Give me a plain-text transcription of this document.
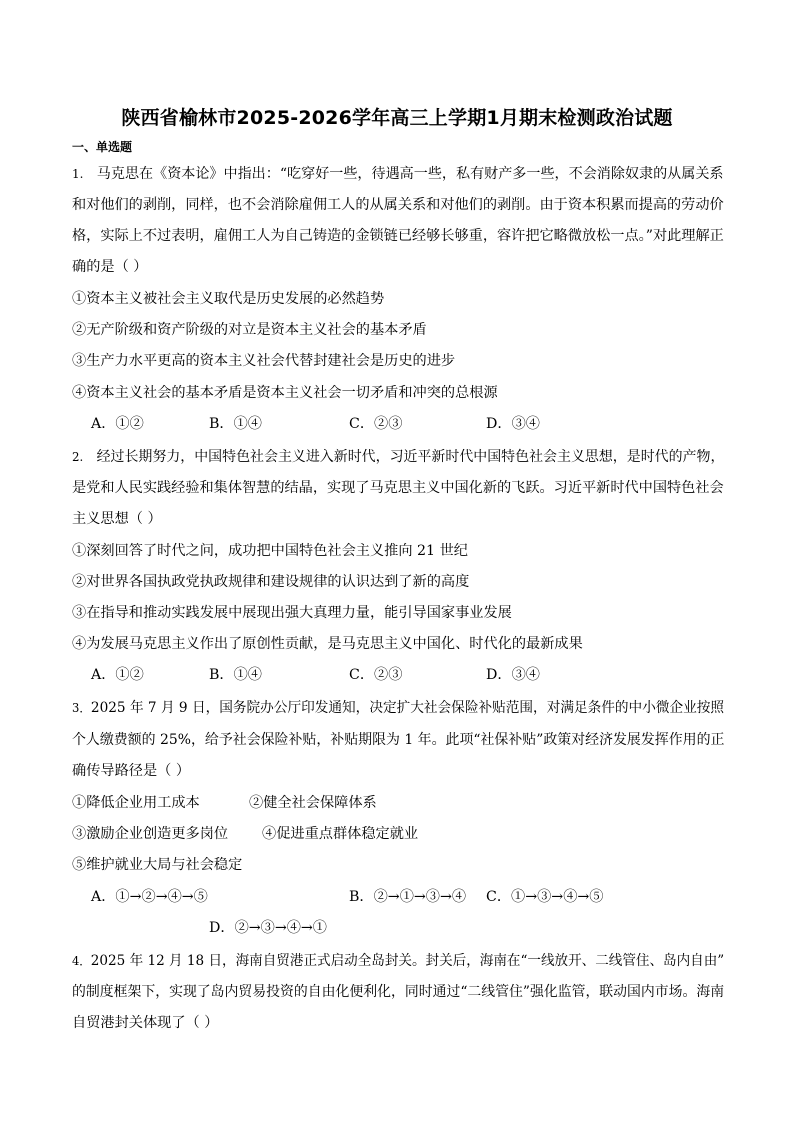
陕西省榆林市2025-2026学年高三上学期1月期末检测政治试题
一、单选题
1. 马克思在《资本论》中指出：“吃穿好一些，待遇高一些，私有财产多一些，不会消除奴隶的从属关系
和对他们的剥削，同样，也不会消除雇佣工人的从属关系和对他们的剥削。由于资本积累而提高的劳动价
格，实际上不过表明，雇佣工人为自己铸造的金锁链已经够长够重，容许把它略微放松一点。”对此理解正
确的是（ ）
①资本主义被社会主义取代是历史发展的必然趋势
②无产阶级和资产阶级的对立是资本主义社会的基本矛盾
③生产力水平更高的资本主义社会代替封建社会是历史的进步
④资本主义社会的基本矛盾是资本主义社会一切矛盾和冲突的总根源
A．①②	B．①④	C．②③	D．③④
2. 经过长期努力，中国特色社会主义进入新时代，习近平新时代中国特色社会主义思想，是时代的产物，
是党和人民实践经验和集体智慧的结晶，实现了马克思主义中国化新的飞跃。习近平新时代中国特色社会
主义思想（ ）
①深刻回答了时代之问，成功把中国特色社会主义推向 21 世纪
②对世界各国执政党执政规律和建设规律的认识达到了新的高度
③在指导和推动实践发展中展现出强大真理力量，能引导国家事业发展
④为发展马克思主义作出了原创性贡献，是马克思主义中国化、时代化的最新成果
A．①②	B．①④	C．②③	D．③④
3．2025 年 7 月 9 日，国务院办公厅印发通知，决定扩大社会保险补贴范围，对满足条件的中小微企业按照
个人缴费额的 25%，给予社会保险补贴，补贴期限为 1 年。此项“社保补贴”政策对经济发展发挥作用的正
确传导路径是（ ）
①降低企业用工成本	②健全社会保障体系
③激励企业创造更多岗位 ④促进重点群体稳定就业
⑤维护就业大局与社会稳定
A．①→②→④→⑤	B．②→①→③→④ C．①→③→④→⑤
D．②→③→④→①
4．2025 年 12 月 18 日，海南自贸港正式启动全岛封关。封关后，海南在“一线放开、二线管住、岛内自由”
的制度框架下，实现了岛内贸易投资的自由化便利化，同时通过“二线管住”强化监管，联动国内市场。海南
自贸港封关体现了（ ）
